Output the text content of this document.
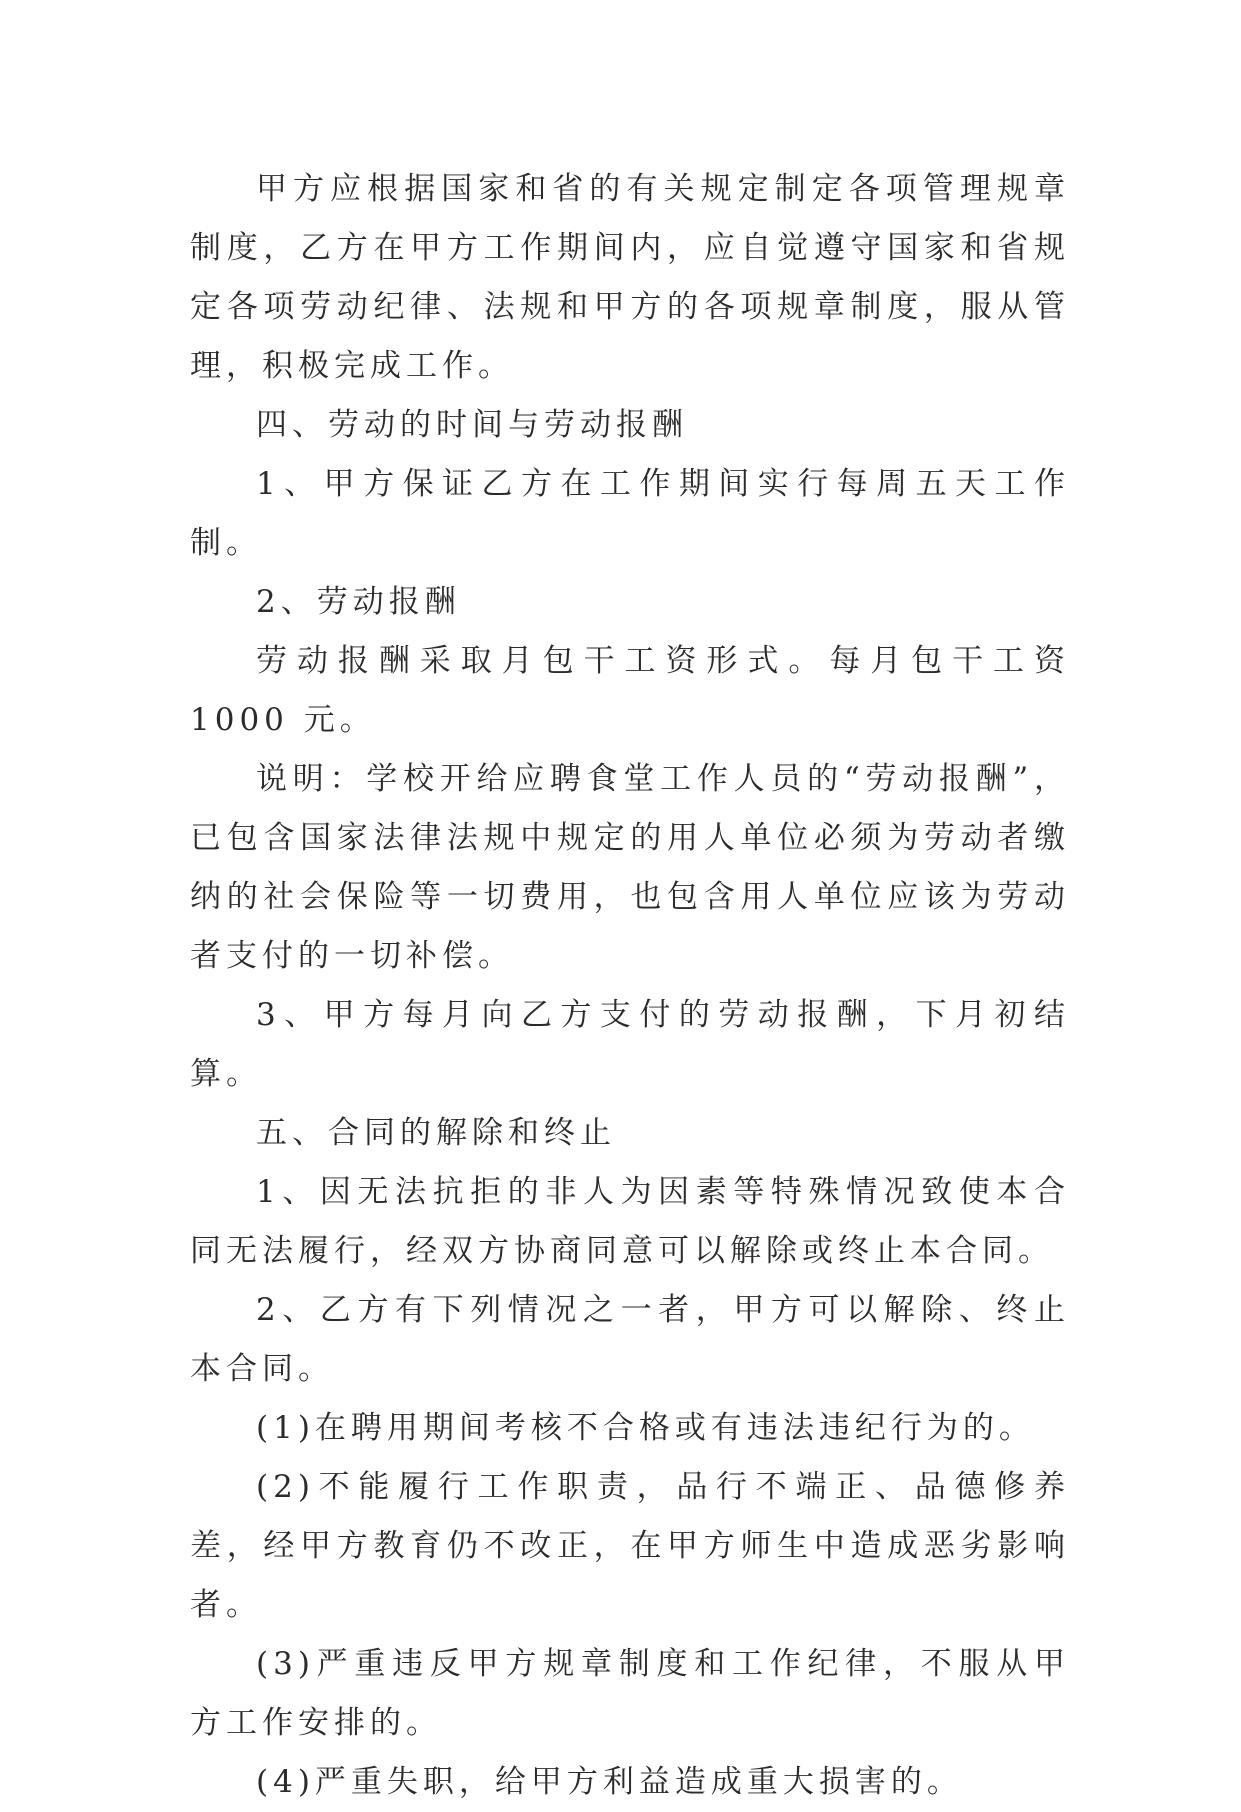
甲方应根据国家和省的有关规定制定各项管理规章制度，乙方在甲方工作期间内，应自觉遵守国家和省规定各项劳动纪律、法规和甲方的各项规章制度，服从管理，积极完成工作。

四、劳动的时间与劳动报酬

1、甲方保证乙方在工作期间实行每周五天工作制。

2、劳动报酬

劳动报酬采取月包干工资形式。每月包干工资 1000 元。

说明：学校开给应聘食堂工作人员的“劳动报酬”，已包含国家法律法规中规定的用人单位必须为劳动者缴纳的社会保险等一切费用，也包含用人单位应该为劳动者支付的一切补偿。

3、甲方每月向乙方支付的劳动报酬，下月初结算。

五、合同的解除和终止

1、因无法抗拒的非人为因素等特殊情况致使本合同无法履行，经双方协商同意可以解除或终止本合同。

2、乙方有下列情况之一者，甲方可以解除、终止本合同。

(1)在聘用期间考核不合格或有违法违纪行为的。

(2)不能履行工作职责，品行不端正、品德修养差，经甲方教育仍不改正，在甲方师生中造成恶劣影响者。

(3)严重违反甲方规章制度和工作纪律，不服从甲方工作安排的。

(4)严重失职，给甲方利益造成重大损害的。
